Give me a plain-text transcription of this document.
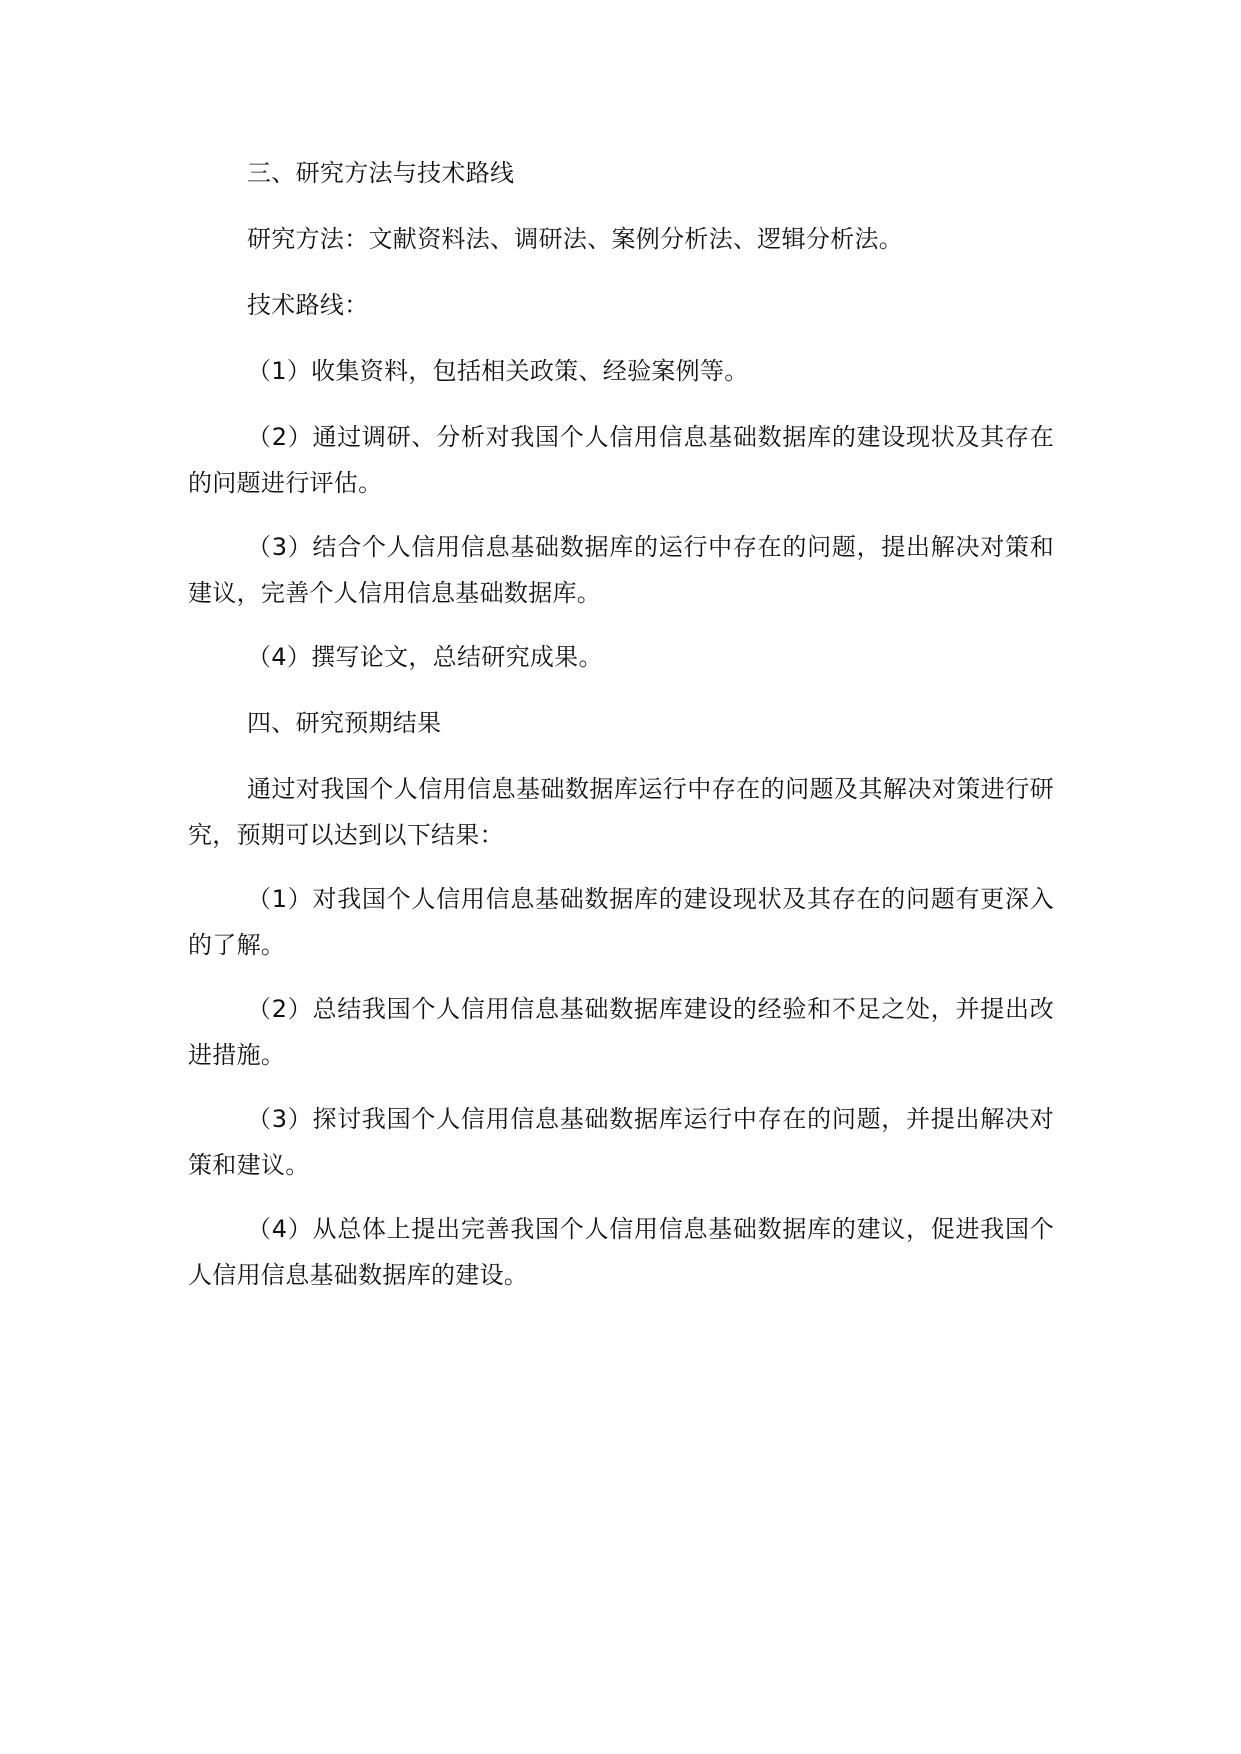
三、研究方法与技术路线

研究方法：文献资料法、调研法、案例分析法、逻辑分析法。

技术路线：

（1）收集资料，包括相关政策、经验案例等。

（2）通过调研、分析对我国个人信用信息基础数据库的建设现状及其存在的问题进行评估。

（3）结合个人信用信息基础数据库的运行中存在的问题，提出解决对策和建议，完善个人信用信息基础数据库。

（4）撰写论文，总结研究成果。

四、研究预期结果

通过对我国个人信用信息基础数据库运行中存在的问题及其解决对策进行研究，预期可以达到以下结果：

（1）对我国个人信用信息基础数据库的建设现状及其存在的问题有更深入的了解。

（2）总结我国个人信用信息基础数据库建设的经验和不足之处，并提出改进措施。

（3）探讨我国个人信用信息基础数据库运行中存在的问题，并提出解决对策和建议。

（4）从总体上提出完善我国个人信用信息基础数据库的建议，促进我国个人信用信息基础数据库的建设。
